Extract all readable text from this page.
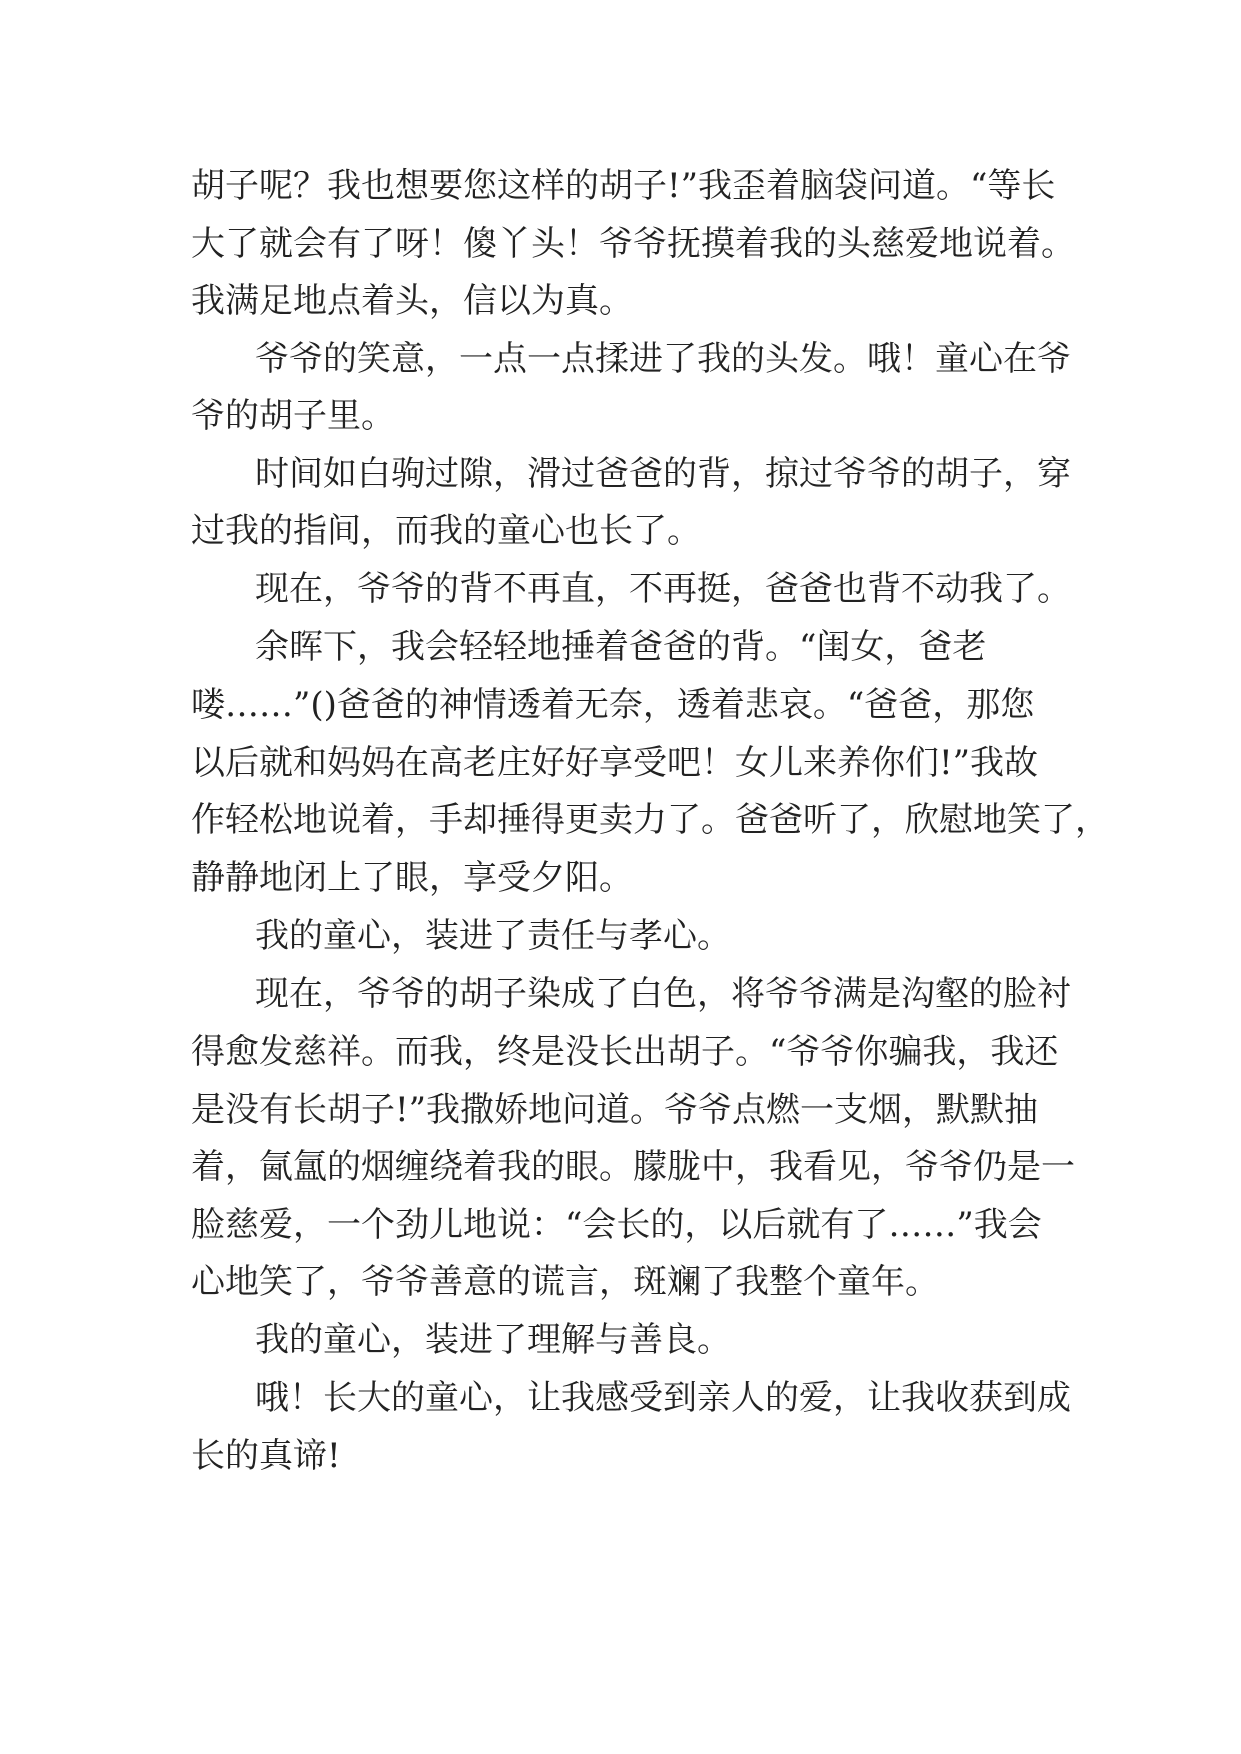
胡子呢？我也想要您这样的胡子!”我歪着脑袋问道。“等长
大了就会有了呀！傻丫头！爷爷抚摸着我的头慈爱地说着。
我满足地点着头，信以为真。
爷爷的笑意，一点一点揉进了我的头发。哦！童心在爷
爷的胡子里。
时间如白驹过隙，滑过爸爸的背，掠过爷爷的胡子，穿
过我的指间，而我的童心也长了。
现在，爷爷的背不再直，不再挺，爸爸也背不动我了。
余晖下，我会轻轻地捶着爸爸的背。“闺女，爸老
喽……”()爸爸的神情透着无奈，透着悲哀。“爸爸，那您
以后就和妈妈在高老庄好好享受吧！女儿来养你们!”我故
作轻松地说着，手却捶得更卖力了。爸爸听了，欣慰地笑了，
静静地闭上了眼，享受夕阳。
我的童心，装进了责任与孝心。
现在，爷爷的胡子染成了白色，将爷爷满是沟壑的脸衬
得愈发慈祥。而我，终是没长出胡子。“爷爷你骗我，我还
是没有长胡子!”我撒娇地问道。爷爷点燃一支烟，默默抽
着，氤氲的烟缠绕着我的眼。朦胧中，我看见，爷爷仍是一
脸慈爱，一个劲儿地说：“会长的，以后就有了……”我会
心地笑了，爷爷善意的谎言，斑斓了我整个童年。
我的童心，装进了理解与善良。
哦！长大的童心，让我感受到亲人的爱，让我收获到成
长的真谛!
